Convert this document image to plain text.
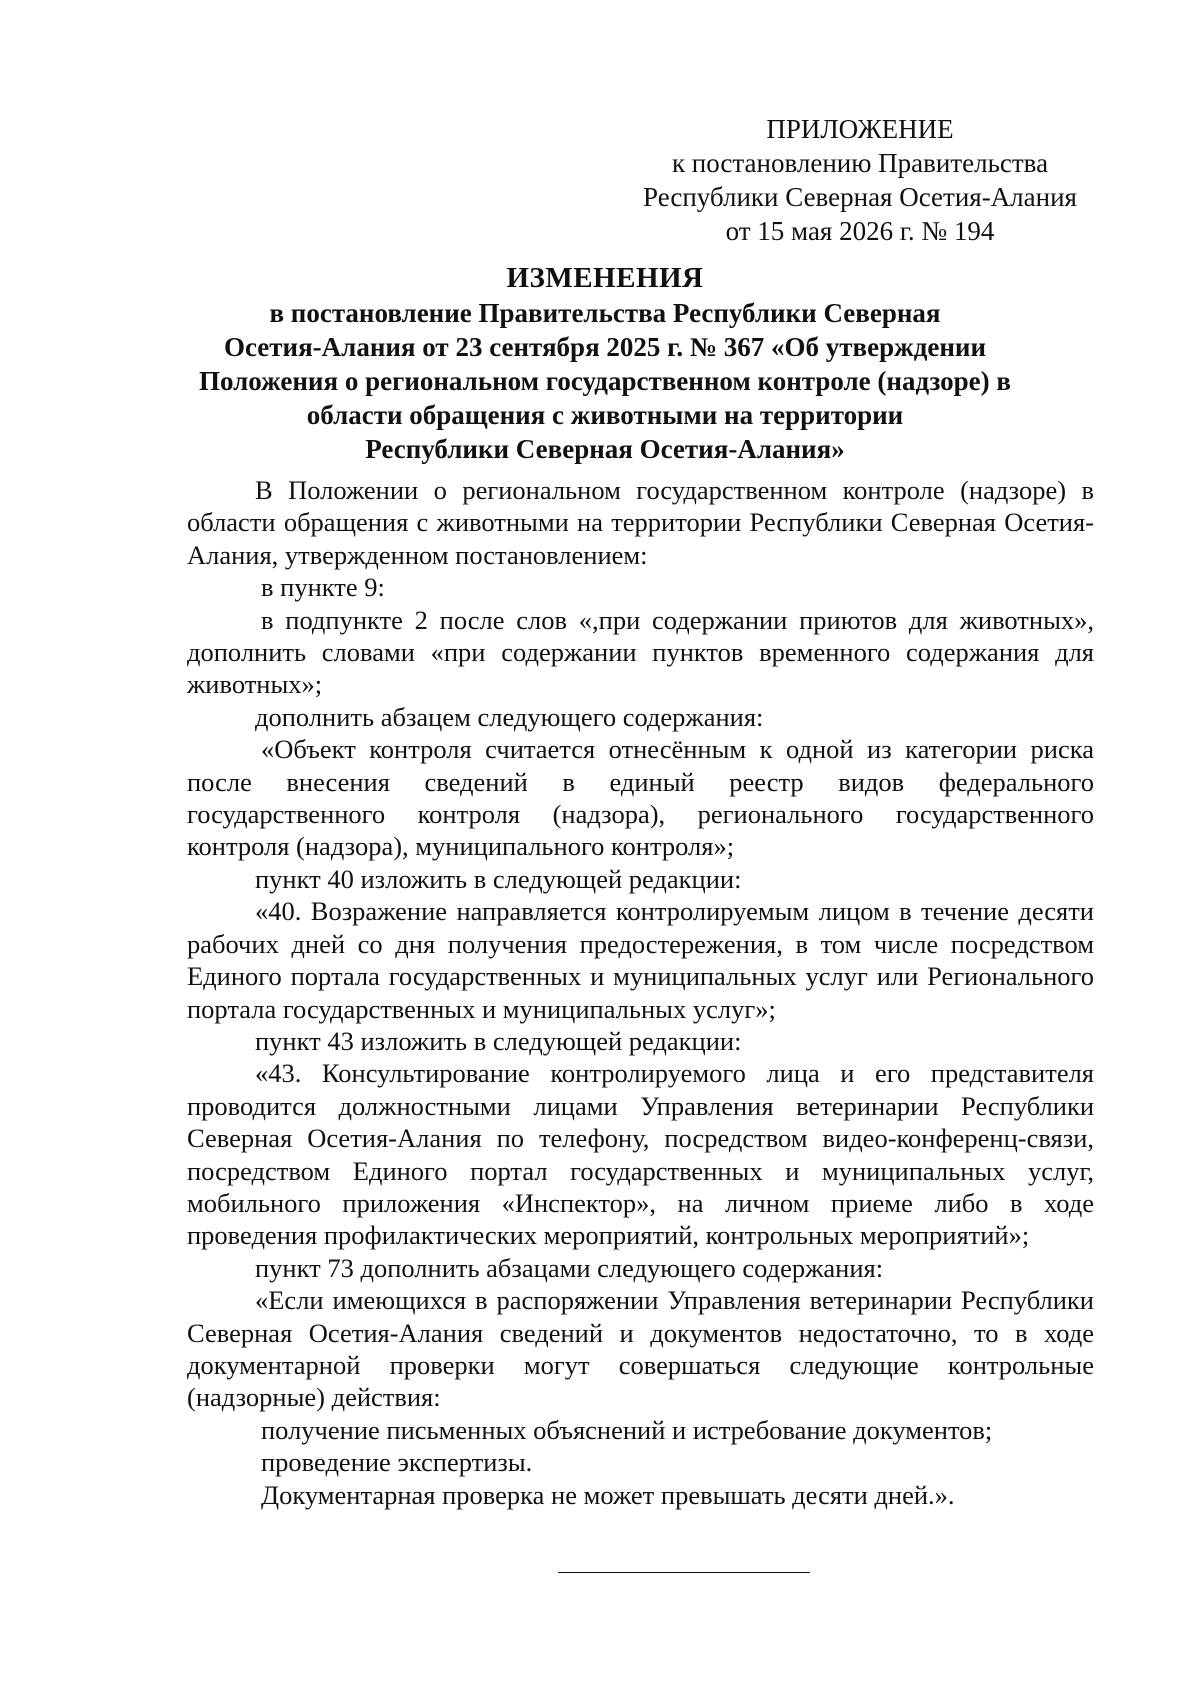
ПРИЛОЖЕНИЕ
к постановлению Правительства
Республики Северная Осетия-Алания
от 15 мая 2026 г. № 194
ИЗМЕНЕНИЯ
в постановление Правительства Республики Северная
Осетия-Алания от 23 сентября 2025 г. № 367 «Об утверждении
Положения о региональном государственном контроле (надзоре) в
области обращения с животными на территории
Республики Северная Осетия-Алания»

В Положении о региональном государственном контроле (надзоре) в области обращения с животными на территории Республики Северная Осетия-Алания, утвержденном постановлением:

в пункте 9:

в подпункте 2 после слов «,при содержании приютов для животных», дополнить словами «при содержании пунктов временного содержания для животных»;

дополнить абзацем следующего содержания:

«Объект контроля считается отнесённым к одной из категории риска после внесения сведений в единый реестр видов федерального государственного контроля (надзора), регионального государственного контроля (надзора), муниципального контроля»;

пункт 40 изложить в следующей редакции:

«40. Возражение направляется контролируемым лицом в течение десяти рабочих дней со дня получения предостережения, в том числе посредством Единого портала государственных и муниципальных услуг или Регионального портала государственных и муниципальных услуг»;

пункт 43 изложить в следующей редакции:

«43. Консультирование контролируемого лица и его представителя проводится должностными лицами Управления ветеринарии Республики Северная Осетия-Алания по телефону, посредством видео-конференц-связи, посредством Единого портал государственных и муниципальных услуг, мобильного приложения «Инспектор», на личном приеме либо в ходе проведения профилактических мероприятий, контрольных мероприятий»;

пункт 73 дополнить абзацами следующего содержания:

«Если имеющихся в распоряжении Управления ветеринарии Республики Северная Осетия-Алания сведений и документов недостаточно, то в ходе документарной проверки могут совершаться следующие контрольные (надзорные) действия:

получение письменных объяснений и истребование документов;

проведение экспертизы.

Документарная проверка не может превышать десяти дней.».
